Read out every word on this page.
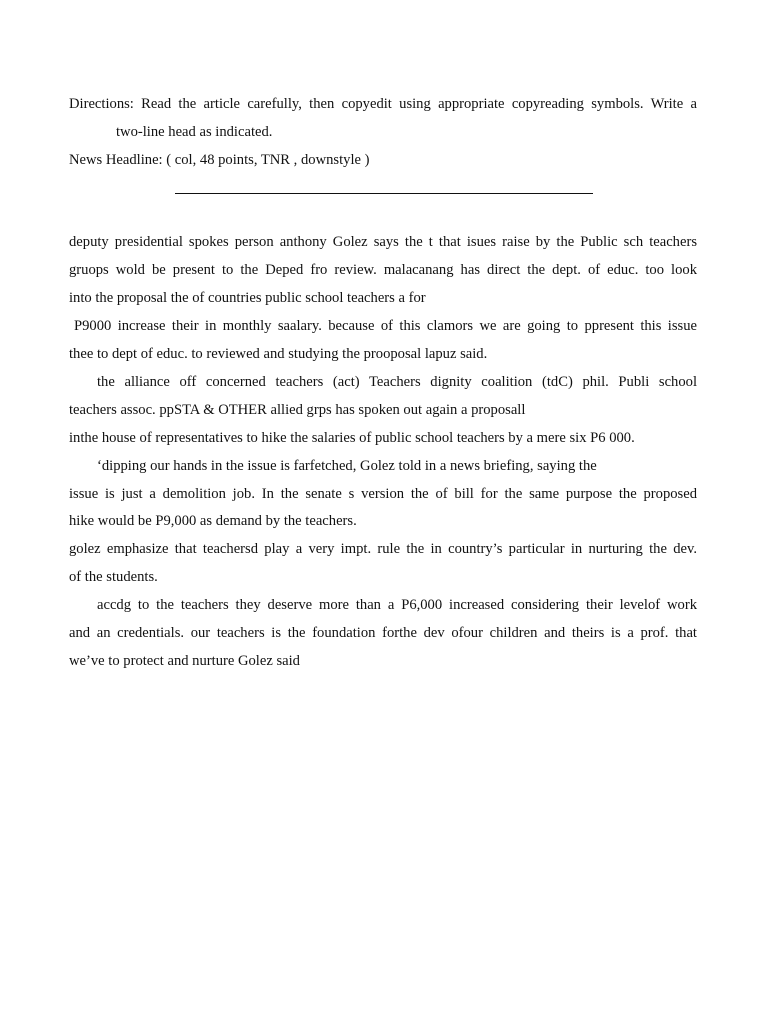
Directions: Read the article carefully, then copyedit using appropriate copyreading symbols. Write a
two-line head as indicated.
News Headline: ( col, 48 points, TNR , downstyle )
deputy presidential spokes person anthony Golez says the t that isues raise by the Public sch teachers
gruops wold be present to the Deped fro review. malacanang has direct the dept. of educ. too look
into the proposal the of countries public school teachers a for
P9000 increase their in monthly saalary. because of this clamors we are going to ppresent this issue
thee to dept of educ. to reviewed and studying the prooposal lapuz said.
the alliance off concerned teachers (act) Teachers dignity coalition (tdC) phil. Publi school
teachers assoc. ppSTA & OTHER allied grps has spoken out again a proposall
inthe house of representatives to hike the salaries of public school teachers by a mere six P6 000.
‘dipping our hands in the issue is farfetched, Golez told in a news briefing, saying the
issue is just a demolition job. In the senate s version the of bill for the same purpose the proposed
hike would be P9,000 as demand by the teachers.
golez emphasize that teachersd play a very impt. rule the in country’s particular in nurturing the dev.
of the students.
accdg to the teachers they deserve more than a P6,000 increased considering their levelof work
and an credentials. our teachers is the foundation forthe dev ofour children and theirs is a prof. that
we’ve to protect and nurture Golez said
